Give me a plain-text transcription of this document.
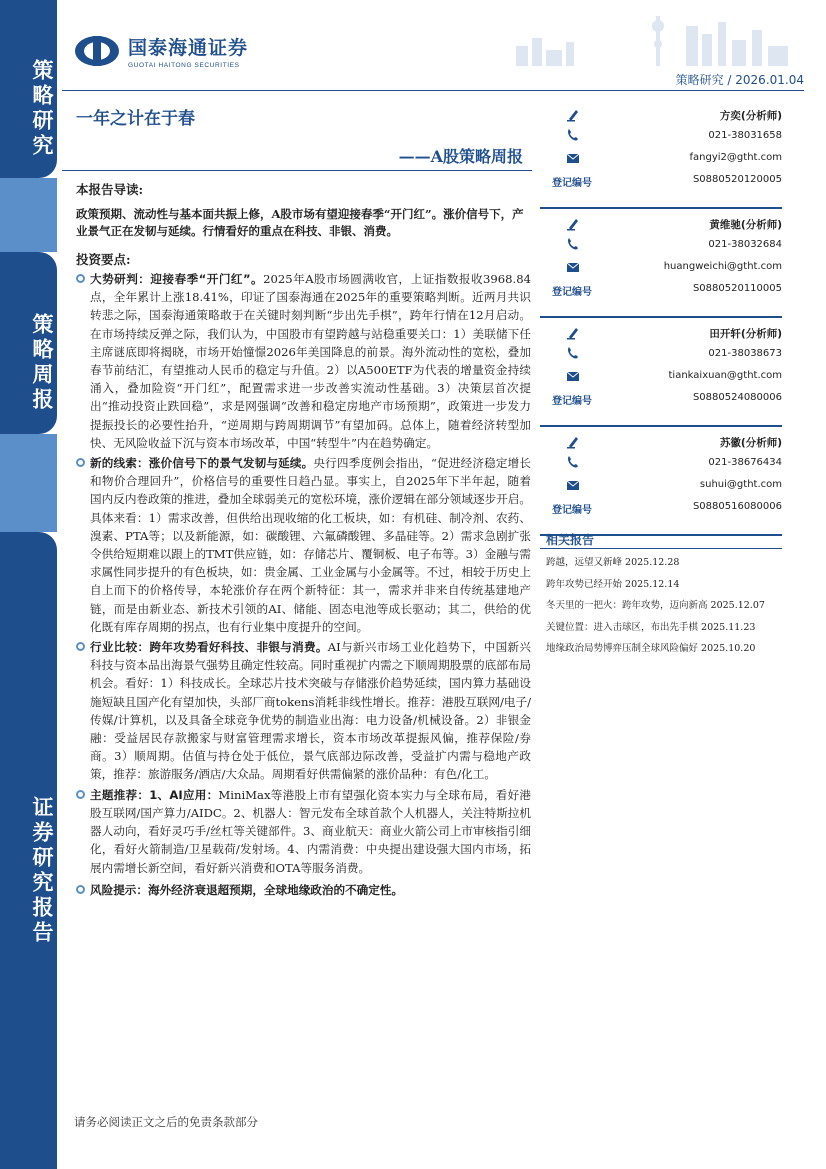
策略研究
策略周报
证券研究报告
国泰海通证券
GUOTAI HAITONG SECURITIES
策略研究 / 2026.01.04
一年之计在于春
——A股策略周报
本报告导读:
政策预期、流动性与基本面共振上修，A股市场有望迎接春季“开门红”。涨价信号下，产业景气正在发韧与延续。行情看好的重点在科技、非银、消费。
投资要点:
大势研判：迎接春季“开门红”。2025年A股市场圆满收官，上证指数报收3968.84点，全年累计上涨18.41%，印证了国泰海通在2025年的重要策略判断。近两月共识转悲之际，国泰海通策略敢于在关键时刻判断“步出先手棋”，跨年行情在12月启动。在市场持续反弹之际，我们认为，中国股市有望跨越与站稳重要关口：1）美联储下任主席谜底即将揭晓，市场开始憧憬2026年美国降息的前景。海外流动性的宽松，叠加春节前结汇，有望推动人民币的稳定与升值。2）以A500ETF为代表的增量资金持续涌入，叠加险资“开门红”，配置需求进一步改善实流动性基础。3）决策层首次提出“推动投资止跌回稳”，求是网强调“改善和稳定房地产市场预期”，政策进一步发力提振投长的必要性抬升，“逆周期与跨周期调节”有望加码。总体上，随着经济转型加快、无风险收益下沉与资本市场改革，中国“转型牛”内在趋势确定。
新的线索：涨价信号下的景气发韧与延续。央行四季度例会指出，“促进经济稳定增长和物价合理回升”，价格信号的重要性日趋凸显。事实上，自2025年下半年起，随着国内反内卷政策的推进，叠加全球弱美元的宽松环境，涨价逻辑在部分领域逐步开启。具体来看：1）需求改善，但供给出现收缩的化工板块，如：有机硅、制冷剂、农药、溴素、PTA等；以及新能源，如：碳酸锂、六氟磷酸锂、多晶硅等。2）需求急剧扩张令供给短期难以跟上的TMT供应链，如：存储芯片、覆铜板、电子布等。3）金融与需求属性同步提升的有色板块，如：贵金属、工业金属与小金属等。不过，相较于历史上自上而下的价格传导，本轮涨价存在两个新特征：其一，需求并非来自传统基建地产链，而是由新业态、新技术引领的AI、储能、固态电池等成长驱动；其二，供给的优化既有库存周期的拐点，也有行业集中度提升的空间。
行业比较：跨年攻势看好科技、非银与消费。AI与新兴市场工业化趋势下，中国新兴科技与资本品出海景气强势且确定性较高。同时重视扩内需之下顺周期股票的底部布局机会。看好：1）科技成长。全球芯片技术突破与存储涨价趋势延续，国内算力基础设施短缺且国产化有望加快，头部厂商tokens消耗非线性增长。推荐：港股互联网/电子/传媒/计算机，以及具备全球竞争优势的制造业出海：电力设备/机械设备。2）非银金融：受益居民存款搬家与财富管理需求增长，资本市场改革提振风偏，推荐保险/券商。3）顺周期。估值与持仓处于低位，景气底部边际改善，受益扩内需与稳地产政策，推荐：旅游服务/酒店/大众品。周期看好供需偏紧的涨价品种：有色/化工。
主题推荐：1、AI应用：MiniMax等港股上市有望强化资本实力与全球布局，看好港股互联网/国产算力/AIDC。2、机器人：智元发布全球首款个人机器人，关注特斯拉机器人动向，看好灵巧手/丝杠等关键部件。3、商业航天：商业火箭公司上市审核指引细化，看好火箭制造/卫星载荷/发射场。4、内需消费：中央提出建设强大国内市场，拓展内需增长新空间，看好新兴消费和OTA等服务消费。
风险提示：海外经济衰退超预期，全球地缘政治的不确定性。
方奕(分析师)
021-38031658
fangyi2@gtht.com
登记编号	S0880520120005
黄维驰(分析师)
021-38032684
huangweichi@gtht.com
登记编号	S0880520110005
田开轩(分析师)
021-38038673
tiankaixuan@gtht.com
登记编号	S0880524080006
苏徽(分析师)
021-38676434
suhui@gtht.com
登记编号	S0880516080006
相关报告
跨越，远望又新峰 2025.12.28
跨年攻势已经开始 2025.12.14
冬天里的一把火：跨年攻势，迈向新高 2025.12.07
关键位置：进入击球区，布出先手棋 2025.11.23
地缘政治局势博弈压制全球风险偏好 2025.10.20
请务必阅读正文之后的免责条款部分
